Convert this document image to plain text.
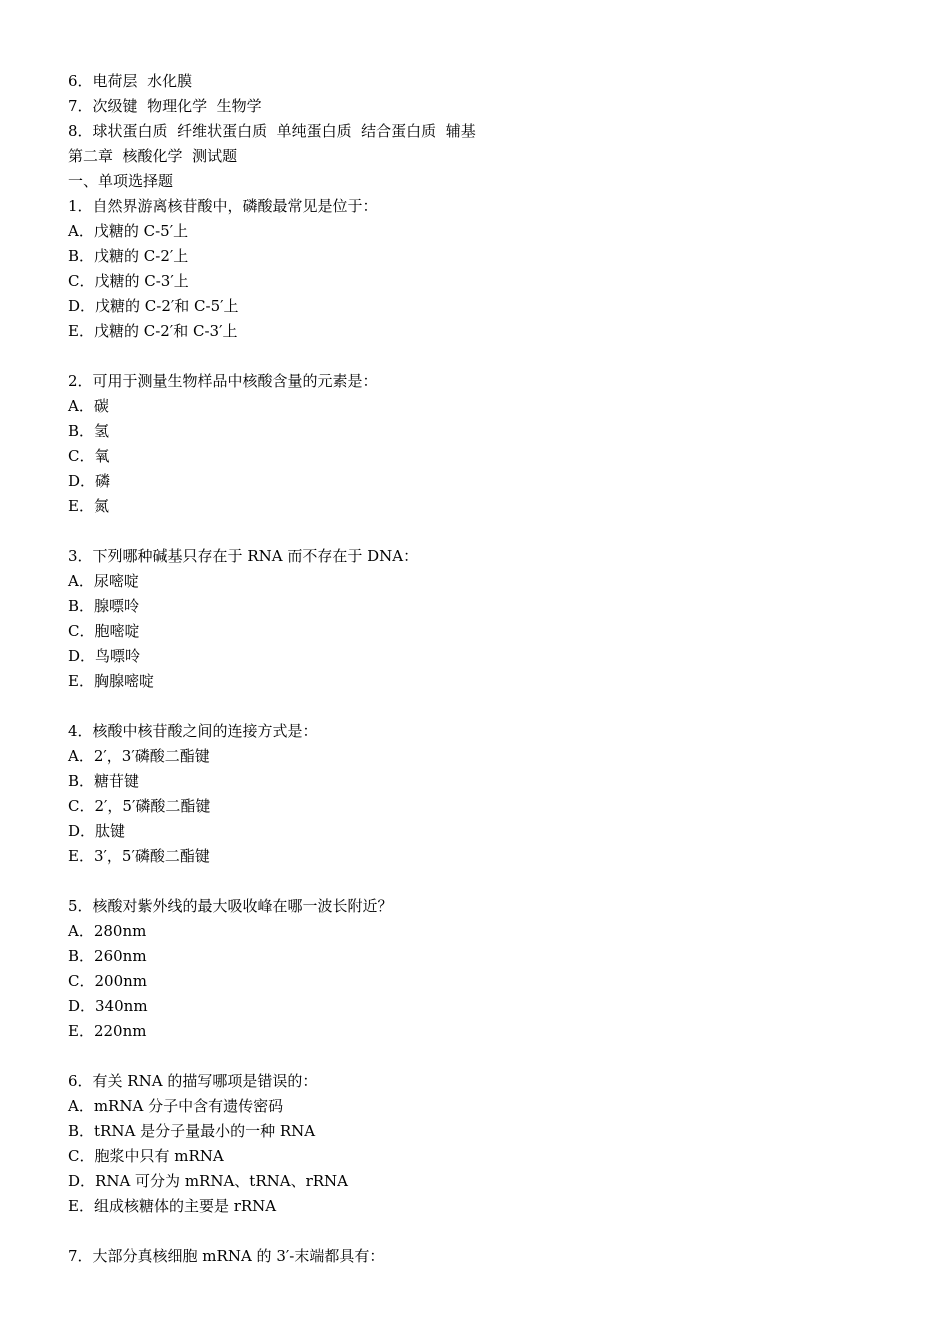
6．电荷层  水化膜
7．次级键  物理化学  生物学
8．球状蛋白质  纤维状蛋白质  单纯蛋白质  结合蛋白质  辅基
第二章  核酸化学  测试题
一、单项选择题
1．自然界游离核苷酸中，磷酸最常见是位于：
A．戊糖的 C-5′上
B．戊糖的 C-2′上
C．戊糖的 C-3′上
D．戊糖的 C-2′和 C-5′上
E．戊糖的 C-2′和 C-3′上
2．可用于测量生物样品中核酸含量的元素是：
A．碳
B．氢
C．氧
D．磷
E．氮
3．下列哪种碱基只存在于 RNA 而不存在于 DNA：
A．尿嘧啶
B．腺嘌呤
C．胞嘧啶
D．鸟嘌呤
E．胸腺嘧啶
4．核酸中核苷酸之间的连接方式是：
A．2′，3′磷酸二酯键
B．糖苷键
C．2′，5′磷酸二酯键
D．肽键
E．3′，5′磷酸二酯键
5．核酸对紫外线的最大吸收峰在哪一波长附近？
A．280nm
B．260nm
C．200nm
D．340nm
E．220nm
6．有关 RNA 的描写哪项是错误的：
A．mRNA 分子中含有遗传密码
B．tRNA 是分子量最小的一种 RNA
C．胞浆中只有 mRNA
D．RNA 可分为 mRNA、tRNA、rRNA
E．组成核糖体的主要是 rRNA
7．大部分真核细胞 mRNA 的 3′-末端都具有：
